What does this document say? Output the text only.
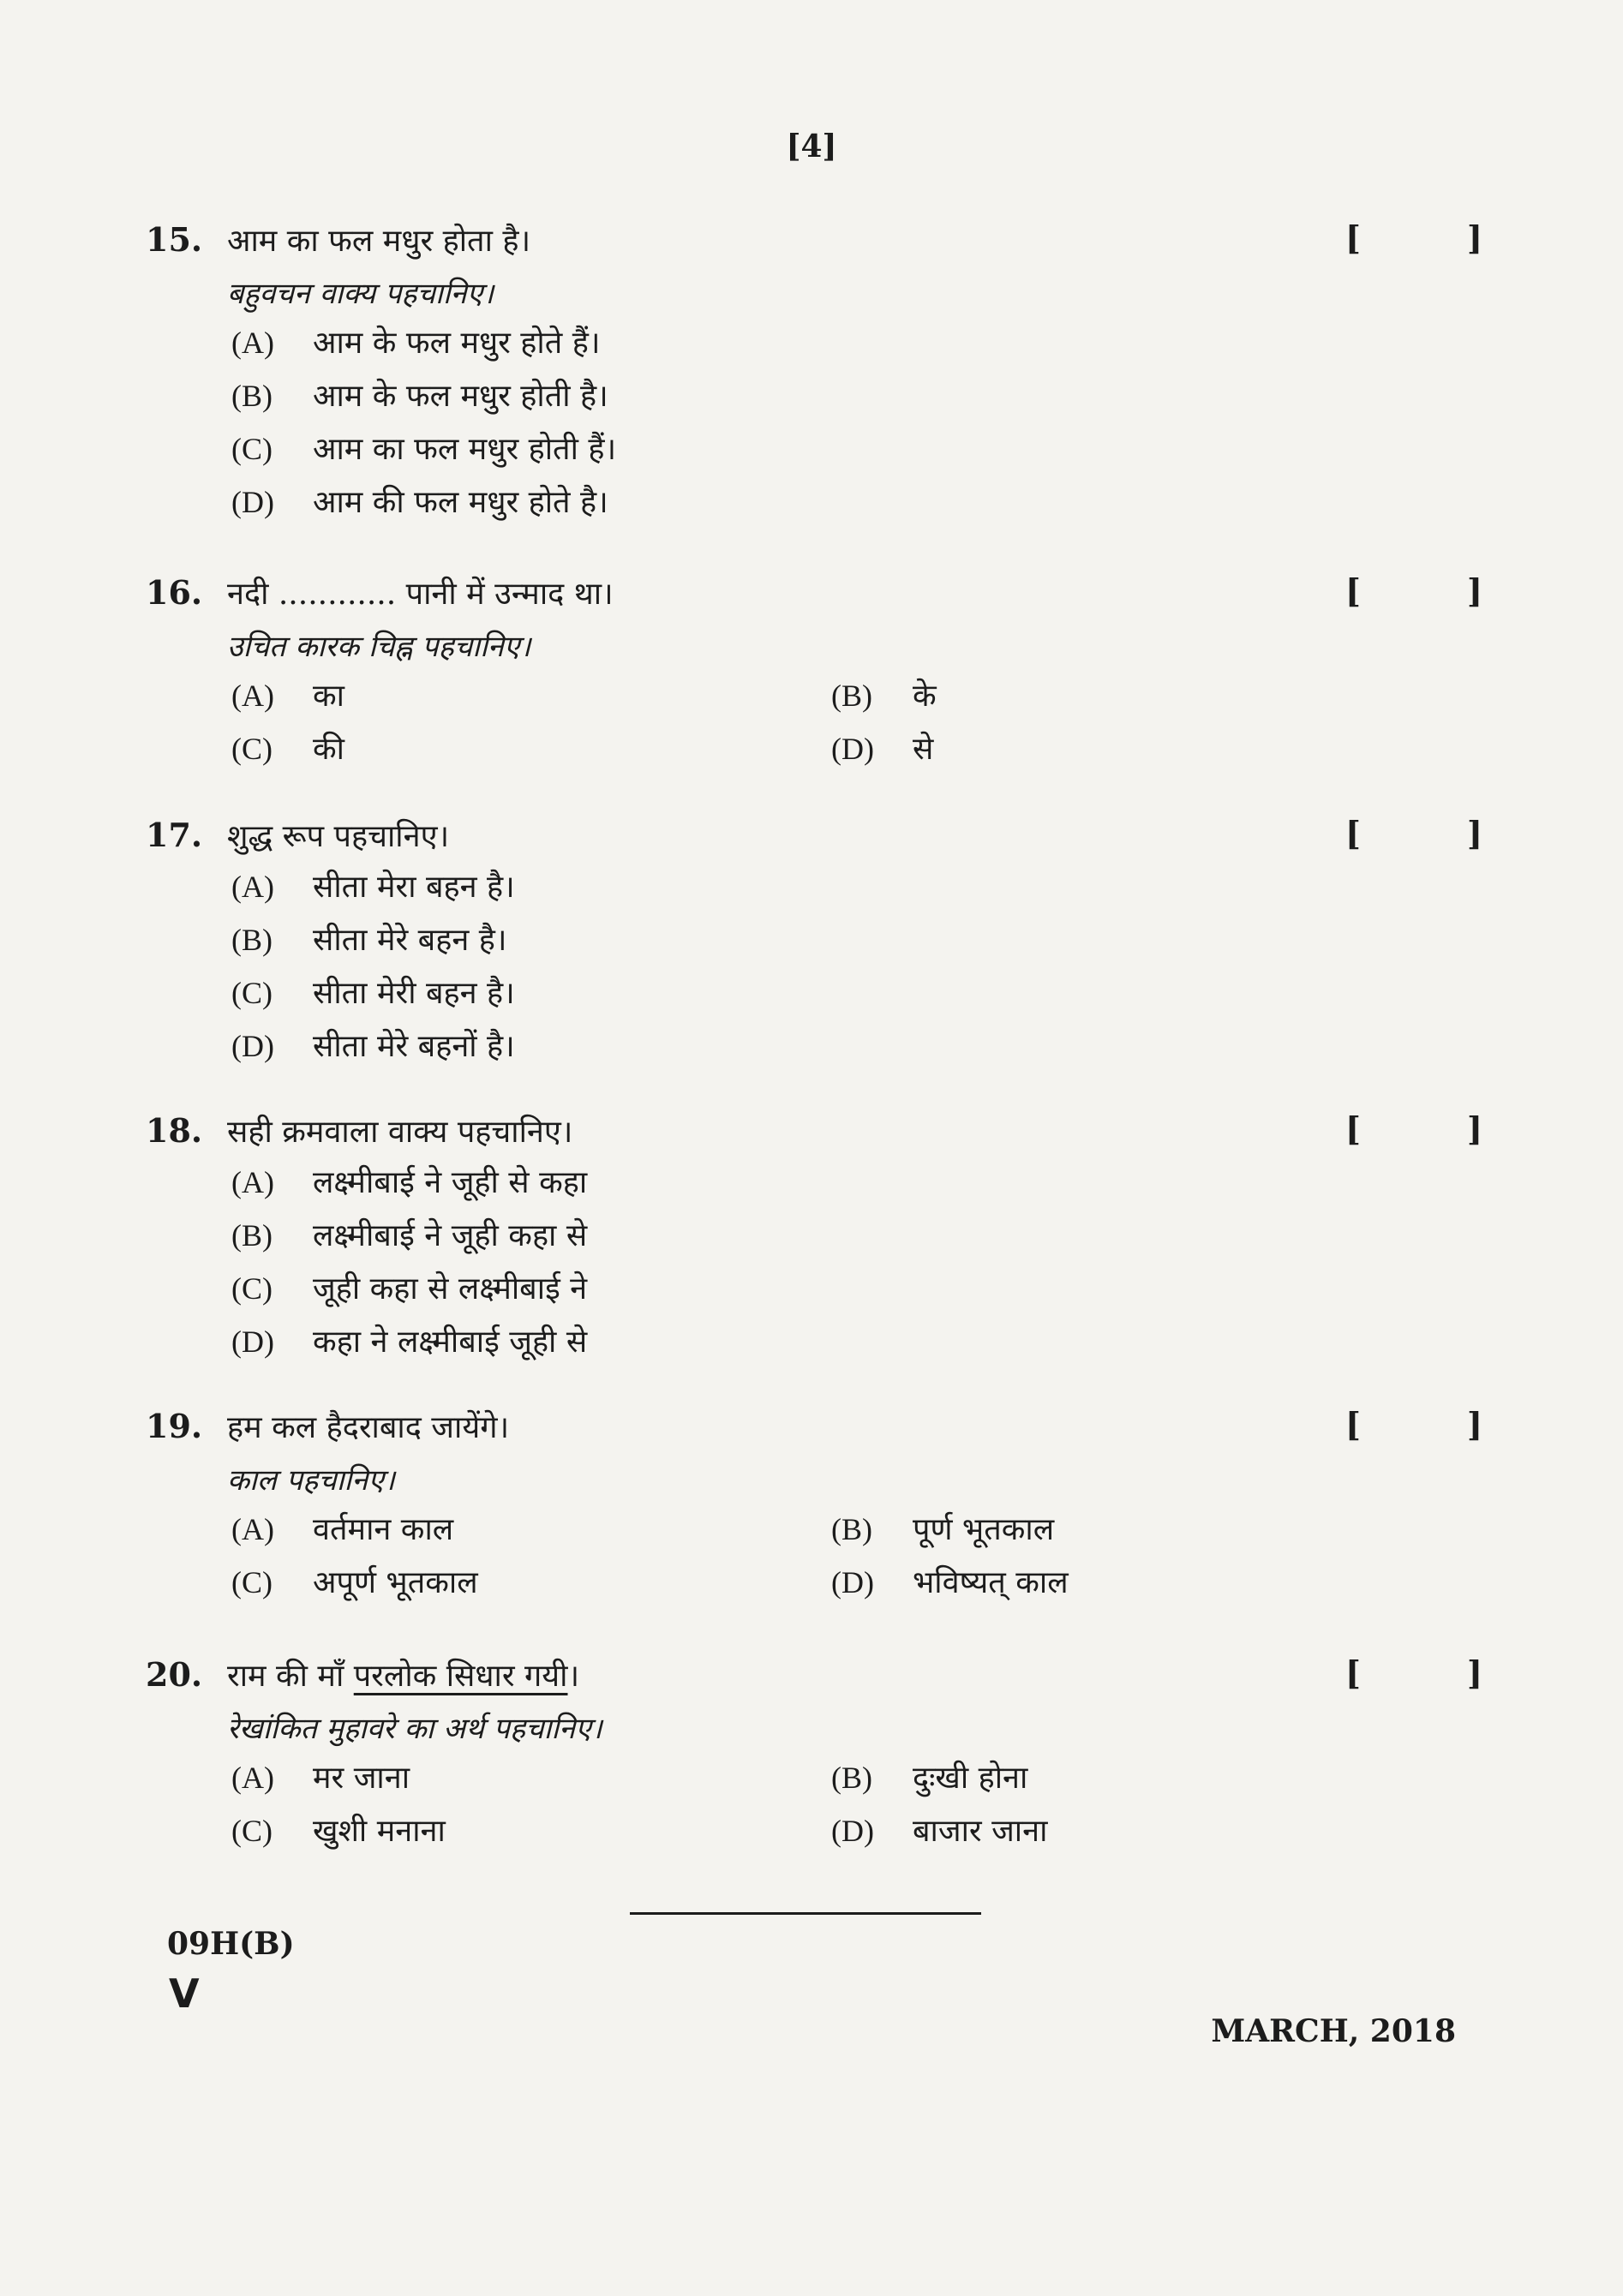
[4]
15. आम का फल मधुर होता है।	[	]
बहुवचन वाक्य पहचानिए।
(A)	आम के फल मधुर होते हैं।
(B)	आम के फल मधुर होती है।
(C)	आम का फल मधुर होती हैं।
(D)	आम की फल मधुर होते है।
16. नदी ............ पानी में उन्माद था।	[	]
उचित कारक चिह्न पहचानिए।
(A)	का	(B)	के
(C)	की	(D)	से
17. शुद्ध रूप पहचानिए।	[	]
(A)	सीता मेरा बहन है।
(B)	सीता मेरे बहन है।
(C)	सीता मेरी बहन है।
(D)	सीता मेरे बहनों है।
18. सही क्रमवाला वाक्य पहचानिए।	[	]
(A)	लक्ष्मीबाई ने जूही से कहा
(B)	लक्ष्मीबाई ने जूही कहा से
(C)	जूही कहा से लक्ष्मीबाई ने
(D)	कहा ने लक्ष्मीबाई जूही से
19. हम कल हैदराबाद जायेंगे।	[	]
काल पहचानिए।
(A)	वर्तमान काल	(B)	पूर्ण भूतकाल
(C)	अपूर्ण भूतकाल	(D)	भविष्यत् काल
20. राम की माँ परलोक सिधार गयी।	[	]
रेखांकित मुहावरे का अर्थ पहचानिए।
(A)	मर जाना	(B)	दुःखी होना
(C)	खुशी मनाना	(D)	बाजार जाना
09H(B)
V
MARCH, 2018
